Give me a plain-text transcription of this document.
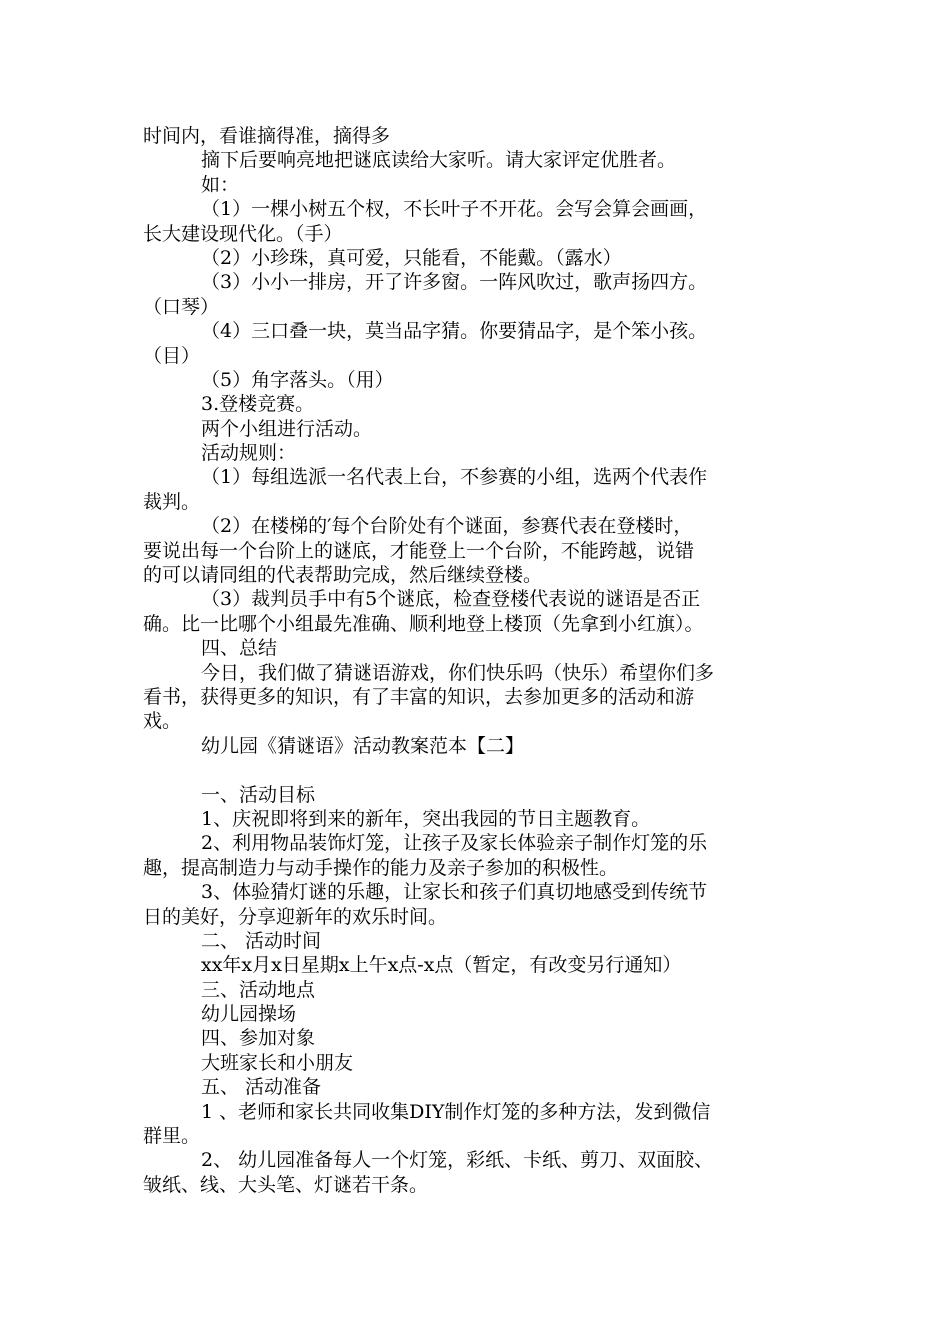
时间内，看谁摘得准，摘得多
摘下后要响亮地把谜底读给大家听。请大家评定优胜者。
如：
（1）一棵小树五个杈，不长叶子不开花。会写会算会画画，
长大建设现代化。（手）
（2）小珍珠，真可爱，只能看，不能戴。（露水）
（3）小小一排房，开了许多窗。一阵风吹过，歌声扬四方。
（口琴）
（4）三口叠一块，莫当品字猜。你要猜品字，是个笨小孩。
（目）
（5）角字落头。（用）
3.登楼竞赛。
两个小组进行活动。
活动规则：
（1）每组选派一名代表上台，不参赛的小组，选两个代表作
裁判。
（2）在楼梯的′每个台阶处有个谜面，参赛代表在登楼时，
要说出每一个台阶上的谜底，才能登上一个台阶，不能跨越，说错
的可以请同组的代表帮助完成，然后继续登楼。
（3）裁判员手中有5个谜底，检查登楼代表说的谜语是否正
确。比一比哪个小组最先准确、顺利地登上楼顶（先拿到小红旗）。
四、总结
今日，我们做了猜谜语游戏，你们快乐吗（快乐）希望你们多
看书，获得更多的知识，有了丰富的知识，去参加更多的活动和游
戏。
幼儿园《猜谜语》活动教案范本【二】
一、活动目标
1、庆祝即将到来的新年，突出我园的节日主题教育。
2、利用物品装饰灯笼，让孩子及家长体验亲子制作灯笼的乐
趣，提高制造力与动手操作的能力及亲子参加的积极性。
3、体验猜灯谜的乐趣，让家长和孩子们真切地感受到传统节
日的美好，分享迎新年的欢乐时间。
二、 活动时间
xx年x月x日星期x上午x点-x点（暂定，有改变另行通知）
三、活动地点
幼儿园操场
四、参加对象
大班家长和小朋友
五、 活动准备
1 、老师和家长共同收集DIY制作灯笼的多种方法，发到微信
群里。
2、 幼儿园准备每人一个灯笼，彩纸、卡纸、剪刀、双面胶、
皱纸、线、大头笔、灯谜若干条。
